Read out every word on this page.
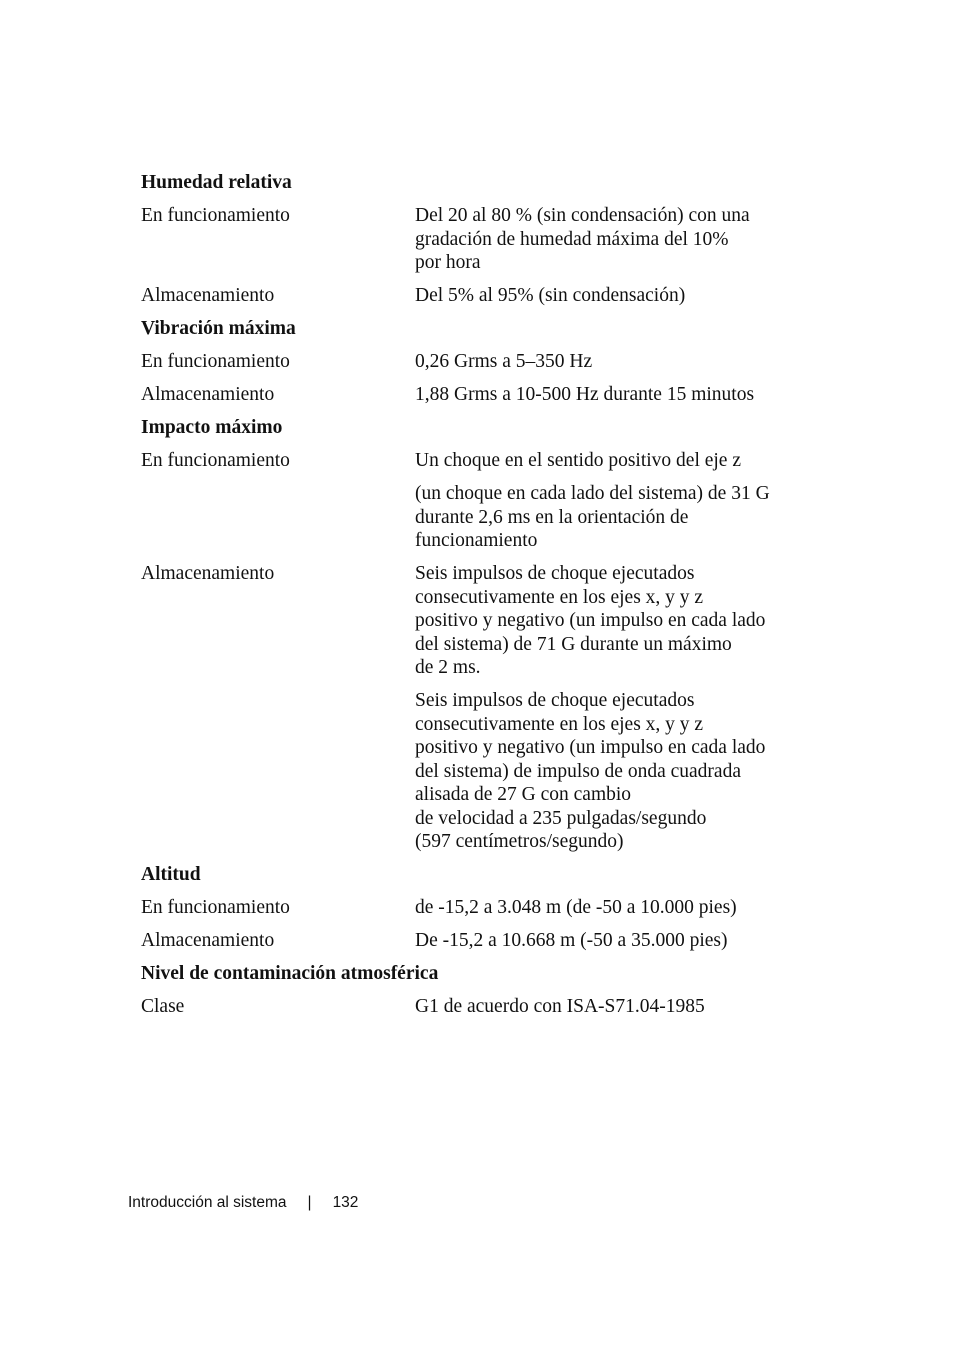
Humedad relativa
En funcionamiento	Del 20 al 80 % (sin condensación) con una
gradación de humedad máxima del 10%
por hora
Almacenamiento	Del 5% al 95% (sin condensación)
Vibración máxima
En funcionamiento	0,26 Grms a 5–350 Hz
Almacenamiento	1,88 Grms a 10-500 Hz durante 15 minutos
Impacto máximo
En funcionamiento	Un choque en el sentido positivo del eje z
(un choque en cada lado del sistema) de 31 G
durante 2,6 ms en la orientación de
funcionamiento
Almacenamiento	Seis impulsos de choque ejecutados
consecutivamente en los ejes x, y y z
positivo y negativo (un impulso en cada lado
del sistema) de 71 G durante un máximo
de 2 ms.
Seis impulsos de choque ejecutados
consecutivamente en los ejes x, y y z
positivo y negativo (un impulso en cada lado
del sistema) de impulso de onda cuadrada
alisada de 27 G con cambio
de velocidad a 235 pulgadas/segundo
(597 centímetros/segundo)
Altitud
En funcionamiento	de -15,2 a 3.048 m (de -50 a 10.000 pies)
Almacenamiento	De -15,2 a 10.668 m (-50 a 35.000 pies)
Nivel de contaminación atmosférica
Clase	G1 de acuerdo con ISA-S71.04-1985
Introducción al sistema | 132
